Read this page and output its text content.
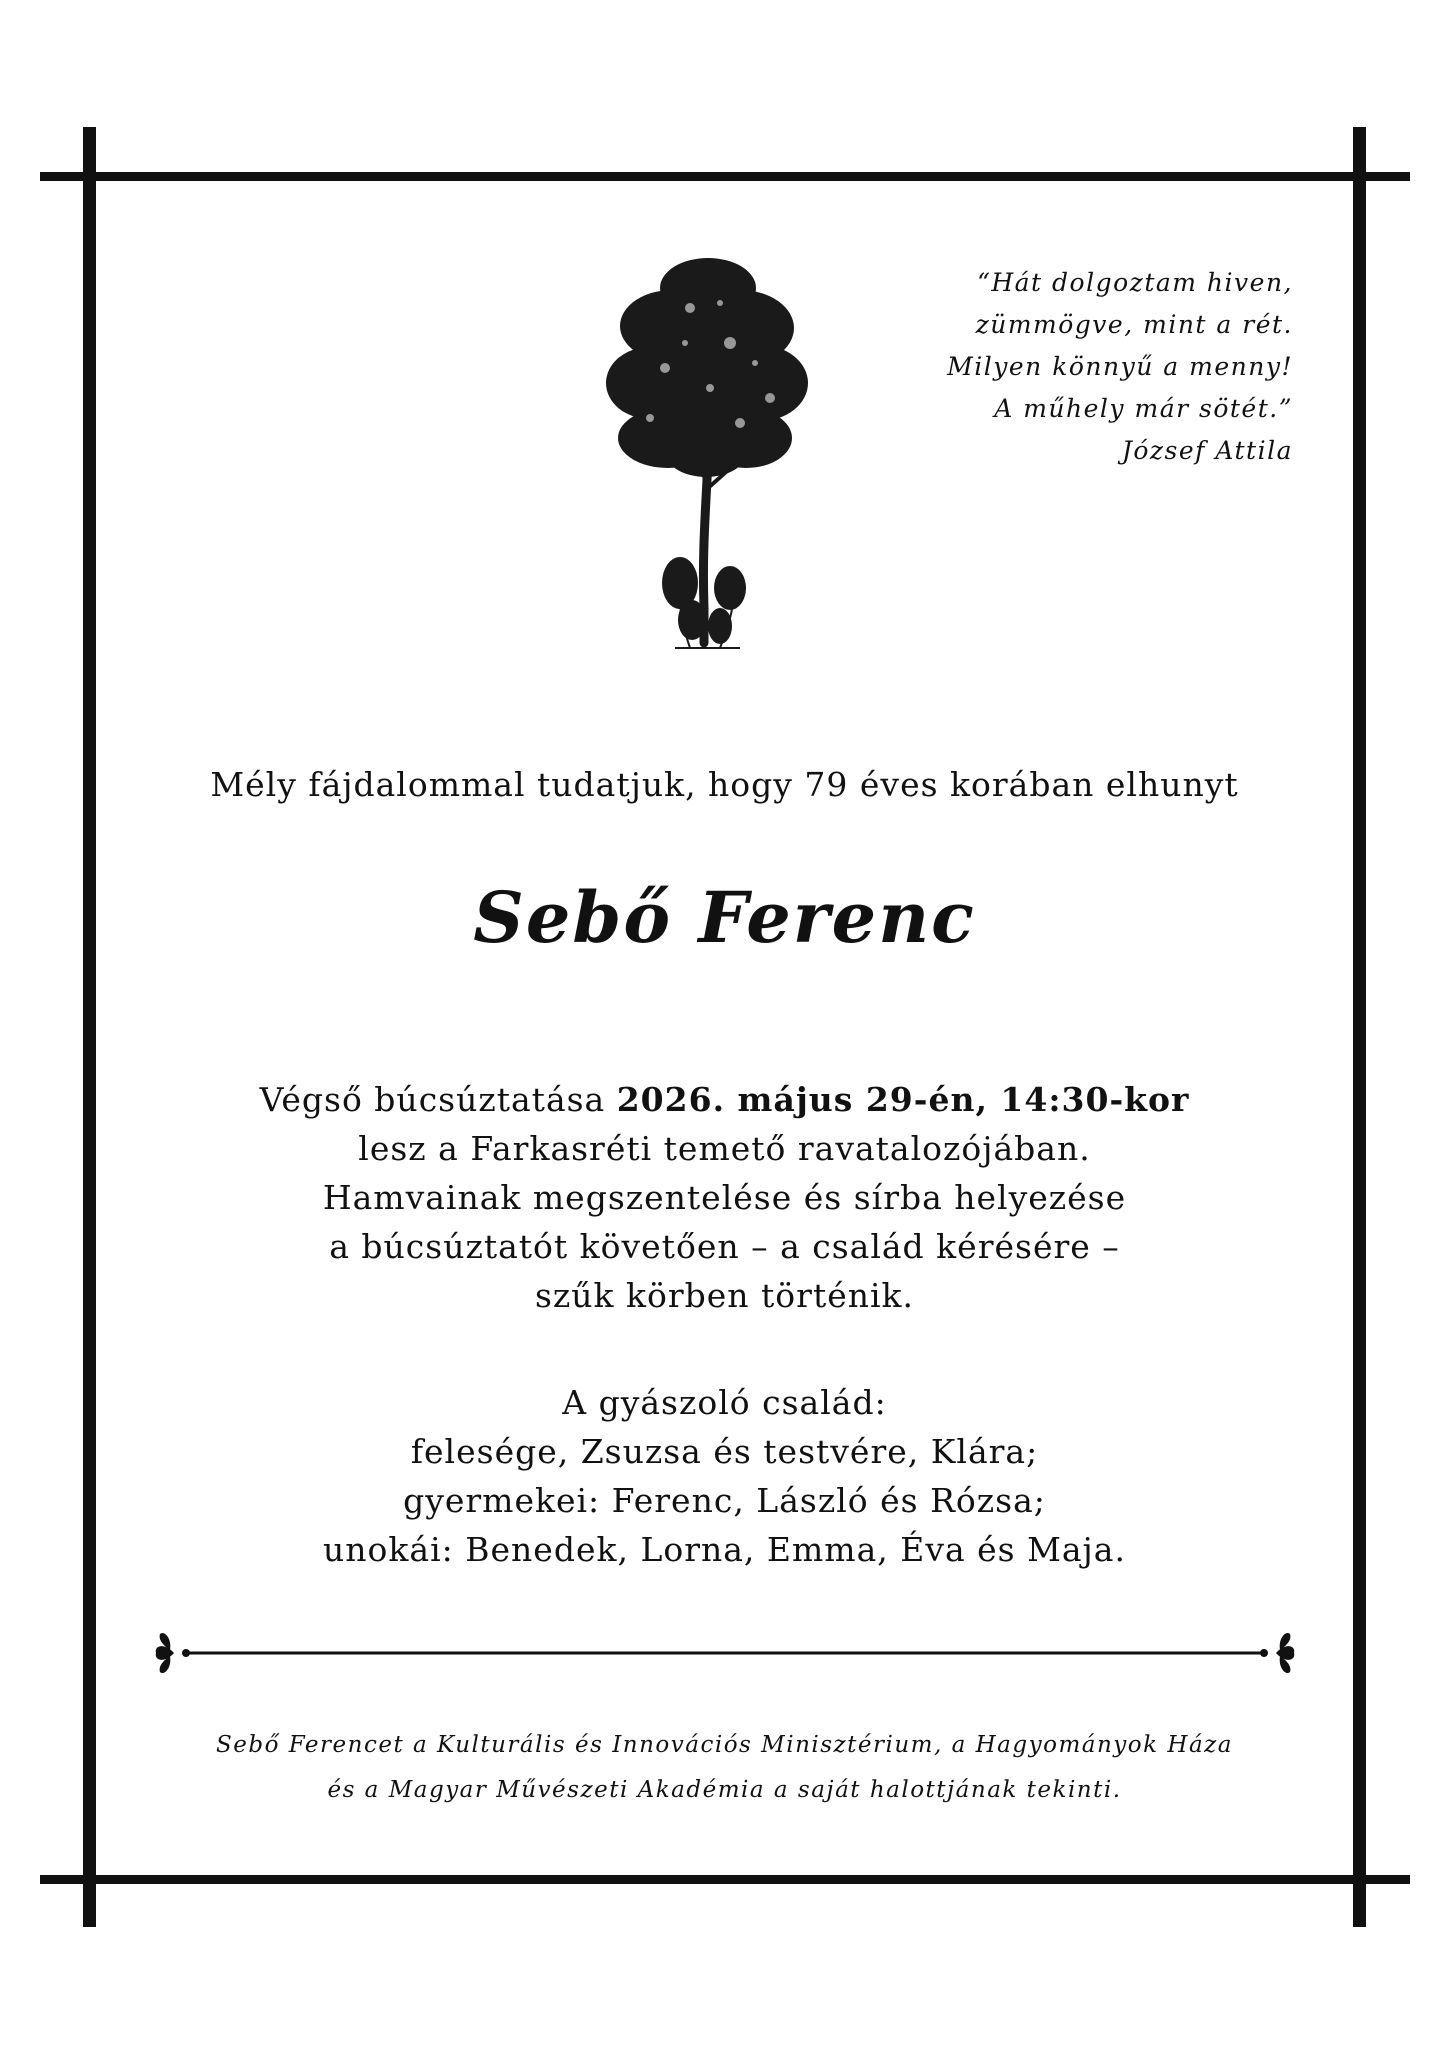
“Hát dolgoztam hiven,
zümmögve, mint a rét.
Milyen könnyű a menny!
A műhely már sötét.”
József Attila
Mély fájdalommal tudatjuk, hogy 79 éves korában elhunyt
Sebő Ferenc
Végső búcsúztatása 2026. május 29-én, 14:30-kor
lesz a Farkasréti temető ravatalozójában.
Hamvainak megszentelése és sírba helyezése
a búcsúztatót követően – a család kérésére –
szűk körben történik.
A gyászoló család:
felesége, Zsuzsa és testvére, Klára;
gyermekei: Ferenc, László és Rózsa;
unokái: Benedek, Lorna, Emma, Éva és Maja.
Sebő Ferencet a Kulturális és Innovációs Minisztérium, a Hagyományok Háza
és a Magyar Művészeti Akadémia a saját halottjának tekinti.
